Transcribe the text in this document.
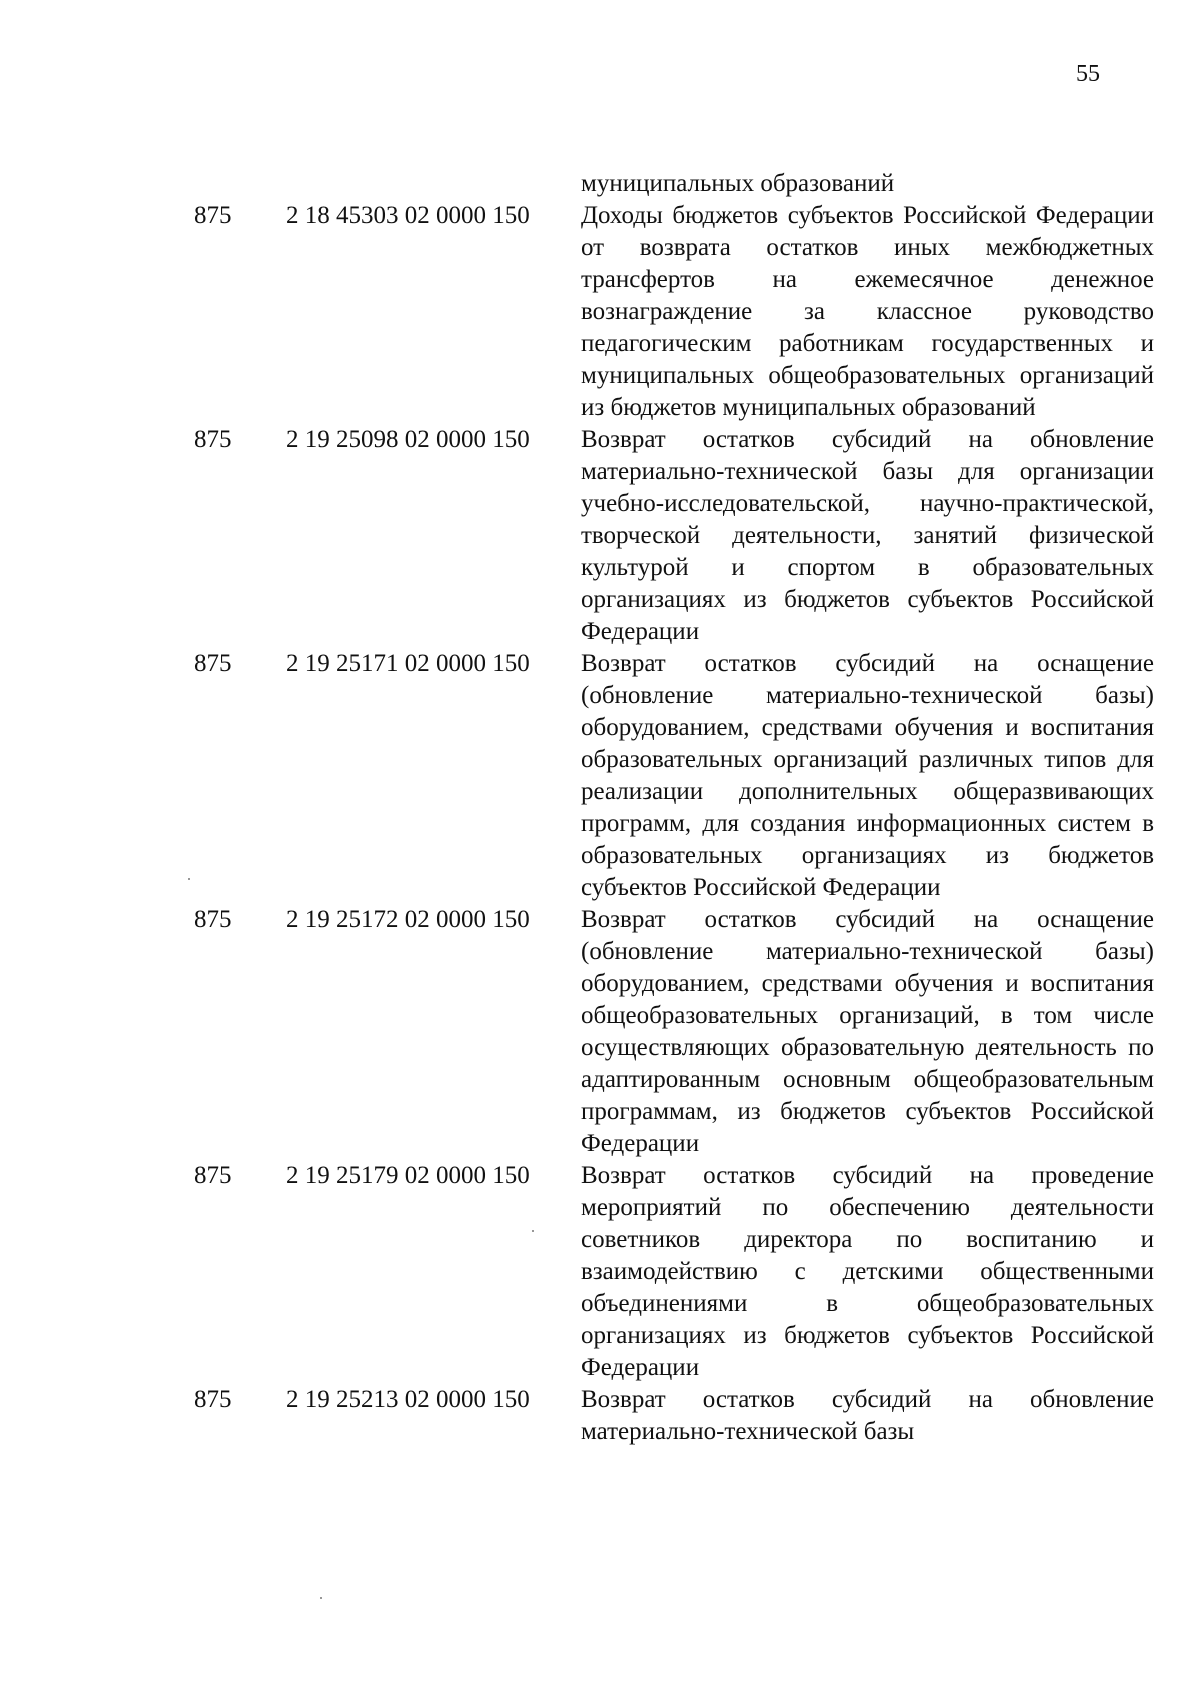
55
муниципальных образований
875	2 18 45303 02 0000 150	Доходы бюджетов субъектов Российской Федерации от возврата остатков иных межбюджетных трансфертов на ежемесячное денежное вознаграждение за классное руководство педагогическим работникам государственных и муниципальных общеобразовательных организаций из бюджетов муниципальных образований
875	2 19 25098 02 0000 150	Возврат остатков субсидий на обновление материально-технической базы для организации учебно-исследовательской, научно-практической, творческой деятельности, занятий физической культурой и спортом в образовательных организациях из бюджетов субъектов Российской Федерации
875	2 19 25171 02 0000 150	Возврат остатков субсидий на оснащение (обновление материально-технической базы) оборудованием, средствами обучения и воспитания образовательных организаций различных типов для реализации дополнительных общеразвивающих программ, для создания информационных систем в образовательных организациях из бюджетов субъектов Российской Федерации
875	2 19 25172 02 0000 150	Возврат остатков субсидий на оснащение (обновление материально-технической базы) оборудованием, средствами обучения и воспитания общеобразовательных организаций, в том числе осуществляющих образовательную деятельность по адаптированным основным общеобразовательным программам, из бюджетов субъектов Российской Федерации
875	2 19 25179 02 0000 150	Возврат остатков субсидий на проведение мероприятий по обеспечению деятельности советников директора по воспитанию и взаимодействию с детскими общественными объединениями в общеобразовательных организациях из бюджетов субъектов Российской Федерации
875	2 19 25213 02 0000 150	Возврат остатков субсидий на обновление материально-технической базы
